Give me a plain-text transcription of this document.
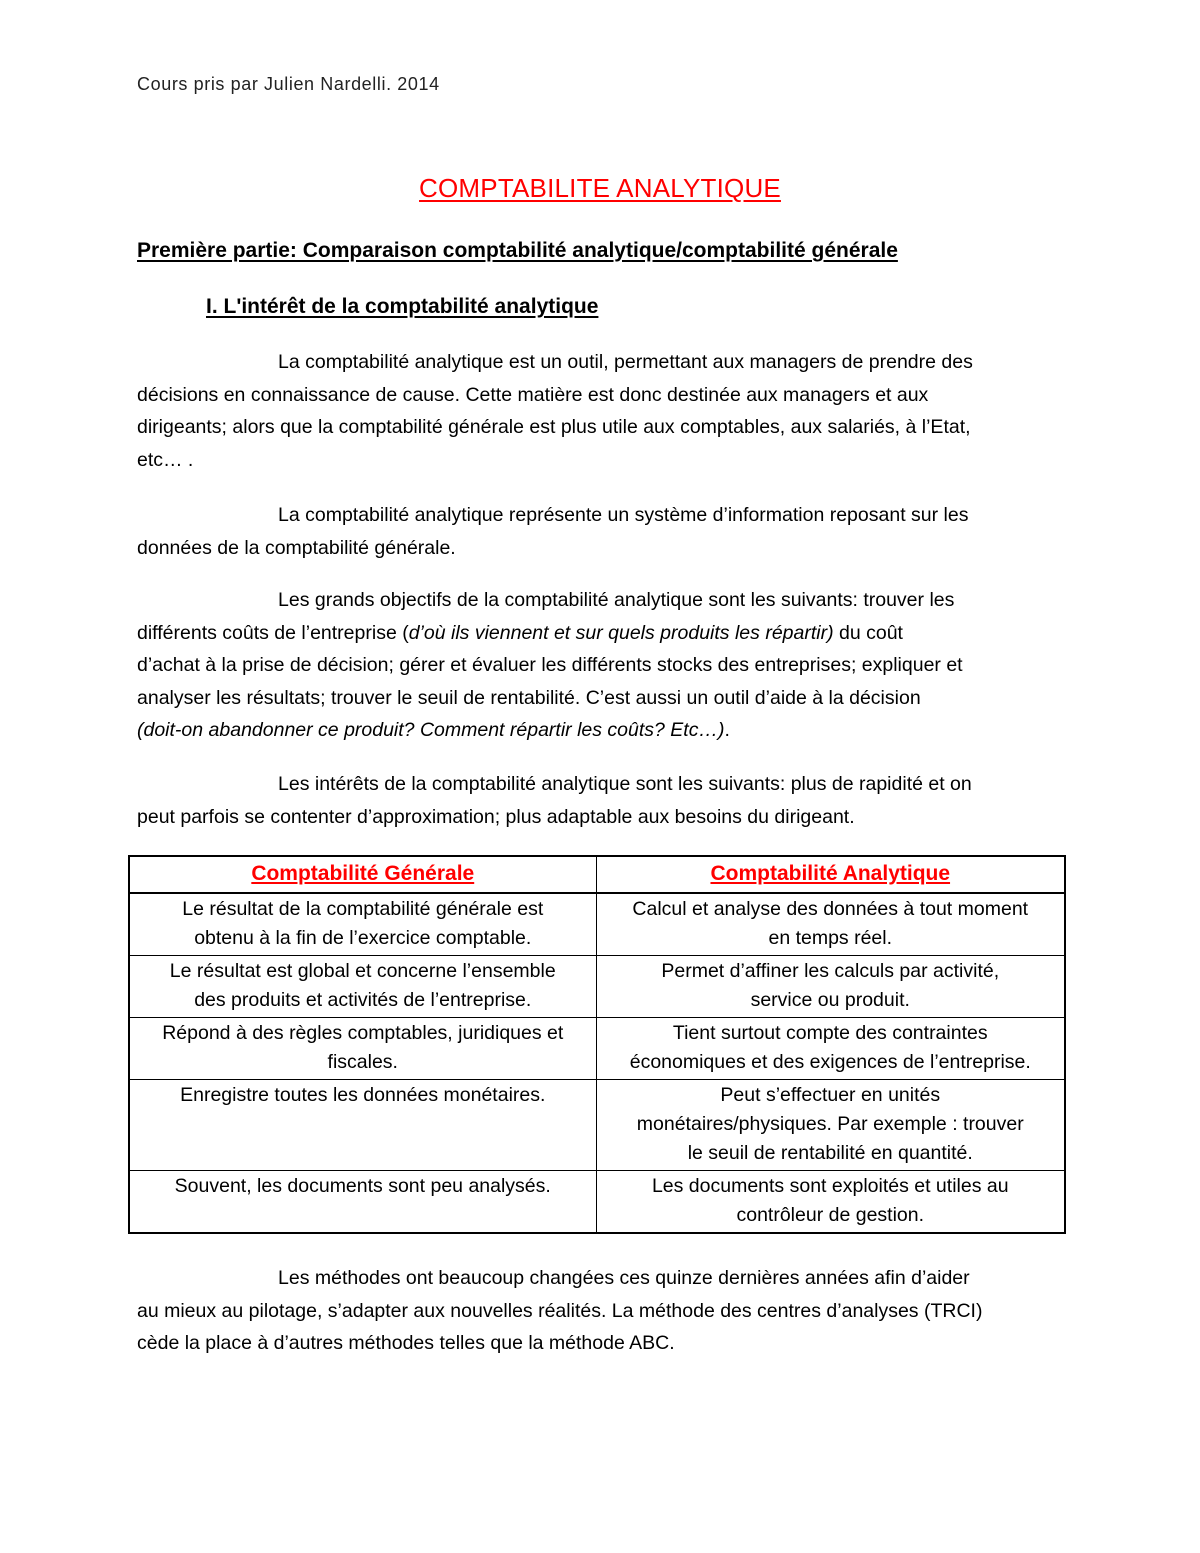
Cours pris par Julien Nardelli. 2014
COMPTABILITE ANALYTIQUE
Première partie: Comparaison comptabilité analytique/comptabilité générale
I. L'intérêt de la comptabilité analytique
La comptabilité analytique est un outil, permettant aux managers de prendre des
décisions en connaissance de cause. Cette matière est donc destinée aux managers et aux
dirigeants; alors que la comptabilité générale est plus utile aux comptables, aux salariés, à l’Etat,
etc… .
La comptabilité analytique représente un système d’information reposant sur les
données de la comptabilité générale.
Les grands objectifs de la comptabilité analytique sont les suivants: trouver les
différents coûts de l’entreprise (d’où ils viennent et sur quels produits les répartir) du coût
d’achat à la prise de décision; gérer et évaluer les différents stocks des entreprises; expliquer et
analyser les résultats; trouver le seuil de rentabilité. C’est aussi un outil d’aide à la décision
(doit-on abandonner ce produit? Comment répartir les coûts? Etc…).
Les intérêts de la comptabilité analytique sont les suivants: plus de rapidité et on
peut parfois se contenter d’approximation; plus adaptable aux besoins du dirigeant.
Comptabilité Générale	Comptabilité Analytique

Le résultat de la comptabilité générale est
obtenu à la fin de l’exercice comptable.	Calcul et analyse des données à tout moment
en temps réel.

Le résultat est global et concerne l’ensemble
des produits et activités de l’entreprise.	Permet d’affiner les calculs par activité,
service ou produit.

Répond à des règles comptables, juridiques et
fiscales.	Tient surtout compte des contraintes
économiques et des exigences de l’entreprise.

Enregistre toutes les données monétaires.	Peut s’effectuer en unités
monétaires/physiques. Par exemple : trouver
le seuil de rentabilité en quantité.

Souvent, les documents sont peu analysés.	Les documents sont exploités et utiles au
contrôleur de gestion.
Les méthodes ont beaucoup changées ces quinze dernières années afin d’aider
au mieux au pilotage, s’adapter aux nouvelles réalités. La méthode des centres d’analyses (TRCI)
cède la place à d’autres méthodes telles que la méthode ABC.
